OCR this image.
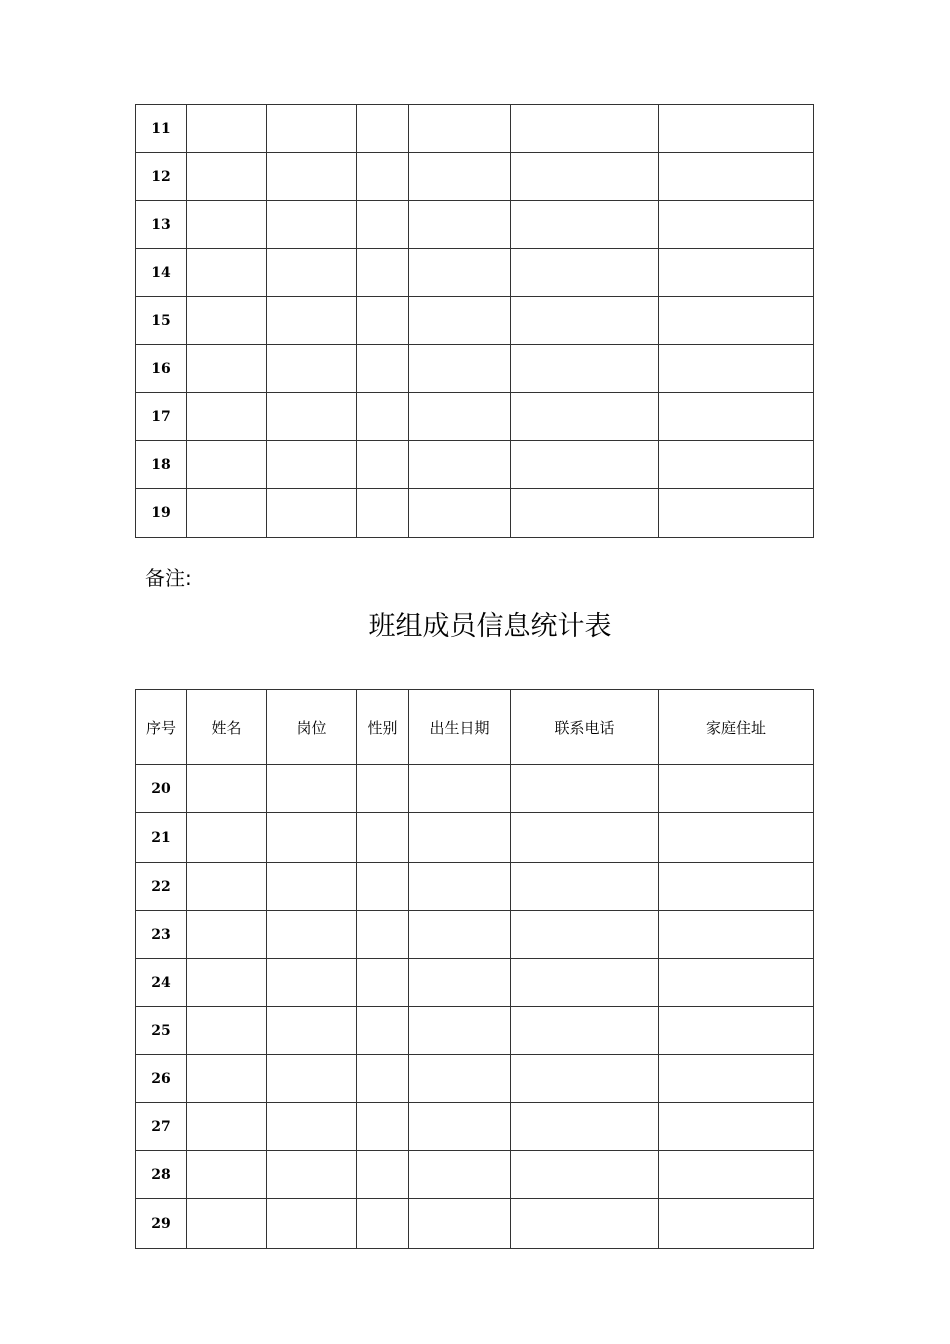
11						
12						
13						
14						
15						
16						
17						
18						
19						
备注:
班组成员信息统计表
序号	姓名	岗位	性别	出生日期	联系电话	家庭住址
20						
21						
22						
23						
24						
25						
26						
27						
28						
29						
